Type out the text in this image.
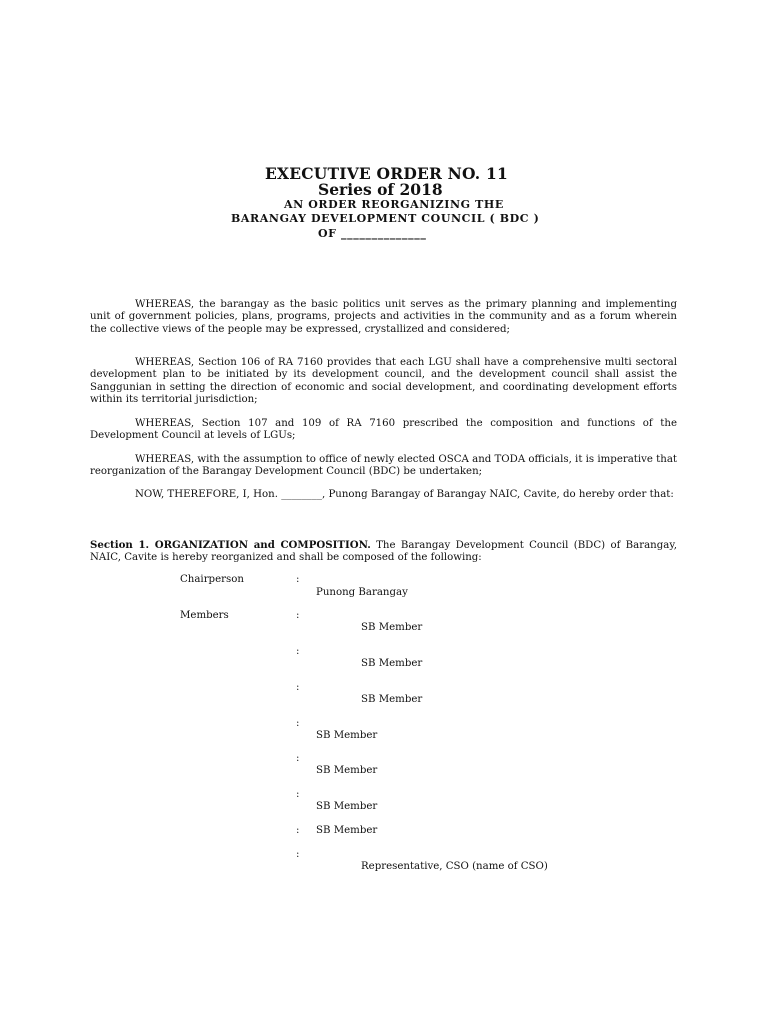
EXECUTIVE ORDER NO. 11
Series of 2018
AN ORDER REORGANIZING THE
BARANGAY DEVELOPMENT COUNCIL ( BDC )
OF ______________

WHEREAS, the barangay as the basic politics unit serves as the primary planning and implementing unit of government policies, plans, programs, projects and activities in the community and as a forum wherein the collective views of the people may be expressed, crystallized and considered;

WHEREAS, Section 106 of RA 7160 provides that each LGU shall have a comprehensive multi sectoral development plan to be initiated by its development council, and the development council shall assist the Sanggunian in setting the direction of economic and social development, and coordinating development efforts within its territorial jurisdiction;

WHEREAS, Section 107 and 109 of RA 7160 prescribed the composition and functions of the Development Council at levels of LGUs;

WHEREAS, with the assumption to office of newly elected OSCA and TODA officials, it is imperative that reorganization of the Barangay Development Council (BDC) be undertaken;

NOW, THEREFORE, I, Hon. ________, Punong Barangay of Barangay NAIC, Cavite, do hereby order that:

Section 1. ORGANIZATION and COMPOSITION. The Barangay Development Council (BDC) of Barangay, NAIC, Cavite is hereby reorganized and shall be composed of the following:

Chairperson	:
Punong Barangay
Members	:
SB Member
:
SB Member
:
SB Member
:
SB Member
:
SB Member
:
SB Member
: SB Member
:
Representative, CSO (name of CSO)
